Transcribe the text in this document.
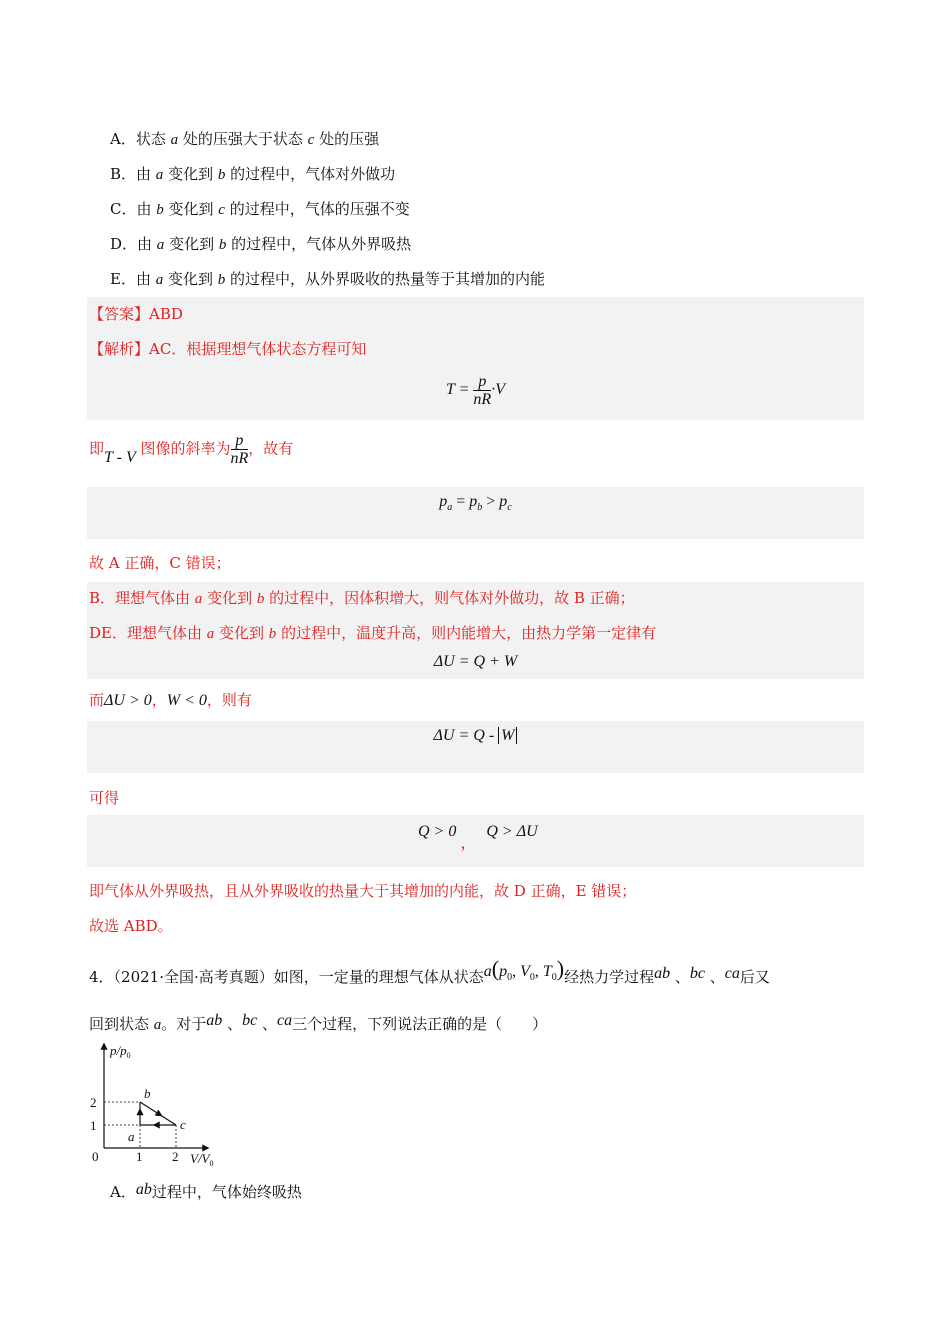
A．状态 a 处的压强大于状态 c 处的压强
B．由 a 变化到 b 的过程中，气体对外做功
C．由 b 变化到 c 的过程中，气体的压强不变
D．由 a 变化到 b 的过程中，气体从外界吸热
E．由 a 变化到 b 的过程中，从外界吸收的热量等于其增加的内能
【答案】ABD
【解析】AC．根据理想气体状态方程可知
$T = \frac{p}{nR} \cdot V$
即T - V 图像的斜率为 $\frac{p}{nR}$ ，故有
$p_a = p_b > p_c$
故 A 正确，C 错误；
B．理想气体由 a 变化到 b 的过程中，因体积增大，则气体对外做功，故 B 正确；
DE．理想气体由 a 变化到 b 的过程中，温度升高，则内能增大，由热力学第一定律有
ΔU = Q + W
而ΔU > 0，W < 0，则有
ΔU = Q - W
可得
Q > 0 ， Q > ΔU
即气体从外界吸热，且从外界吸收的热量大于其增加的内能，故 D 正确，E 错误；
故选 ABD。
4．（2021·全国·高考真题）如图，一定量的理想气体从状态$a(p_0$, $V_0$, $T_0$)经热力学过程ab 、bc 、ca后又
回到状态 a。对于ab 、bc 、ca三个过程，下列说法正确的是（　　）
$p/p_0$
$V/V_0$
0
1
2
1 2
a
b
c
A．ab过程中，气体始终吸热
